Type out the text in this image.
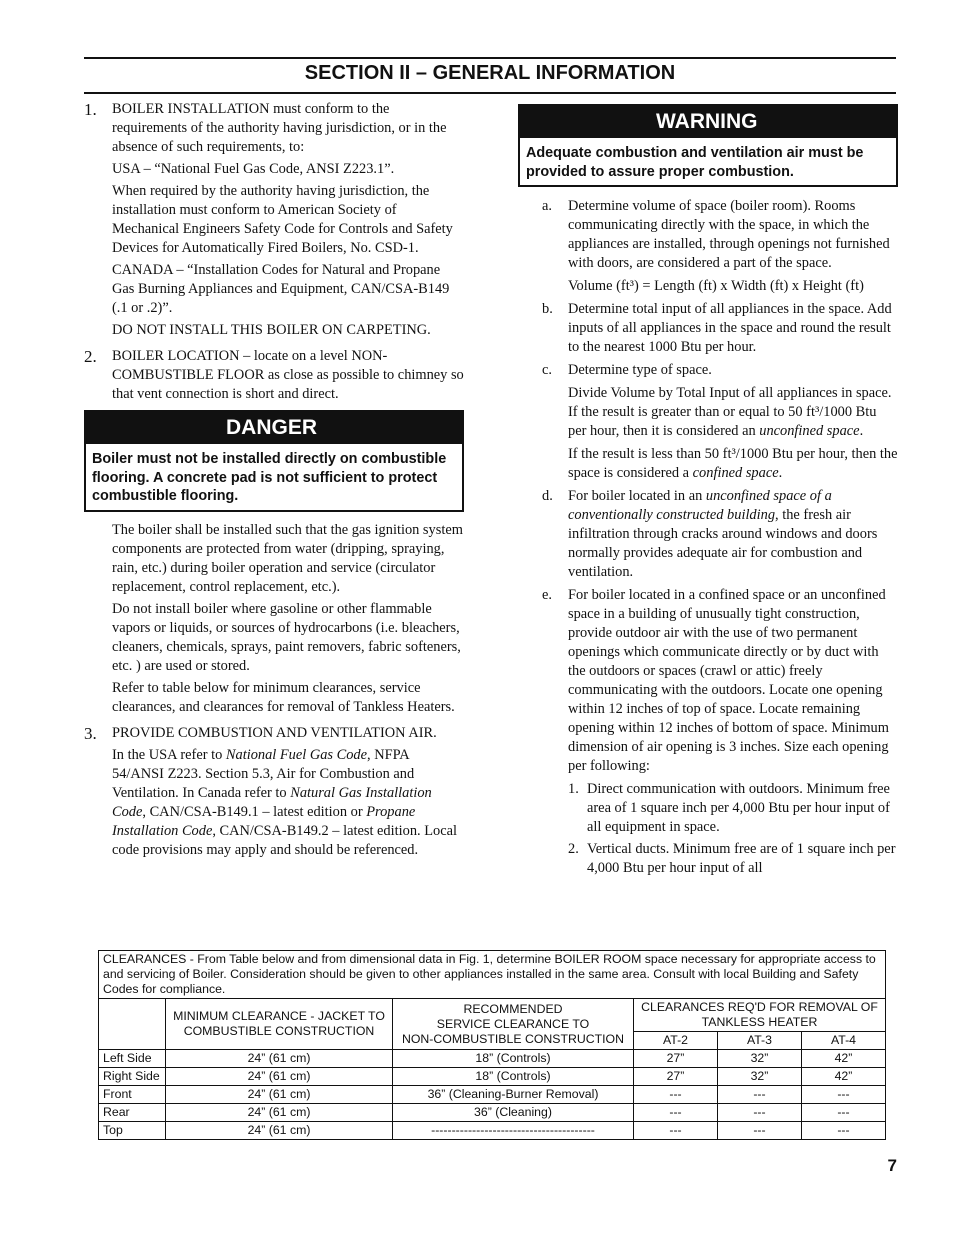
SECTION II – GENERAL INFORMATION
1. BOILER INSTALLATION must conform to the requirements of the authority having jurisdiction, or in the absence of such requirements, to:

USA – “National Fuel Gas Code, ANSI Z223.1”.

When required by the authority having jurisdiction, the installation must conform to American Society of Mechanical Engineers Safety Code for Controls and Safety Devices for Automatically Fired Boilers, No. CSD-1.

CANADA – “Installation Codes for Natural and Propane Gas Burning Appliances and Equipment, CAN/CSA-B149 (.1 or .2)”.

DO NOT INSTALL THIS BOILER ON CARPETING.

2. BOILER LOCATION – locate on a level NON-COMBUSTIBLE FLOOR as close as possible to chimney so that vent connection is short and direct.

DANGER
Boiler must not be installed directly on combustible flooring. A concrete pad is not sufficient to protect combustible flooring.

The boiler shall be installed such that the gas ignition system components are protected from water (dripping, spraying, rain, etc.) during boiler operation and service (circulator replacement, control replacement, etc.).

Do not install boiler where gasoline or other flammable vapors or liquids, or sources of hydrocarbons (i.e. bleachers, cleaners, chemicals, sprays, paint removers, fabric softeners, etc. ) are used or stored.

Refer to table below for minimum clearances, service clearances, and clearances for removal of Tankless Heaters.

3. PROVIDE COMBUSTION AND VENTILATION AIR.

In the USA refer to National Fuel Gas Code, NFPA 54/ANSI Z223. Section 5.3, Air for Combustion and Ventilation. In Canada refer to Natural Gas Installation Code, CAN/CSA-B149.1 – latest edition or Propane Installation Code, CAN/CSA-B149.2 – latest edition. Local code provisions may apply and should be referenced.

WARNING
Adequate combustion and ventilation air must be provided to assure proper combustion.
a. Determine volume of space (boiler room). Rooms communicating directly with the space, in which the appliances are installed, through openings not furnished with doors, are considered a part of the space.

Volume (ft³) = Length (ft) x Width (ft) x Height (ft)

b. Determine total input of all appliances in the space. Add inputs of all appliances in the space and round the result to the nearest 1000 Btu per hour.

c. Determine type of space.

Divide Volume by Total Input of all appliances in space. If the result is greater than or equal to 50 ft³/1000 Btu per hour, then it is considered an unconfined space.

If the result is less than 50 ft³/1000 Btu per hour, then the space is considered a confined space.

d. For boiler located in an unconfined space of a conventionally constructed building, the fresh air infiltration through cracks around windows and doors normally provides adequate air for combustion and ventilation.

e. For boiler located in a confined space or an unconfined space in a building of unusually tight construction, provide outdoor air with the use of two permanent openings which communicate directly or by duct with the outdoors or spaces (crawl or attic) freely communicating with the outdoors. Locate one opening within 12 inches of top of space. Locate remaining opening within 12 inches of bottom of space. Minimum dimension of air opening is 3 inches. Size each opening per following:

1. Direct communication with outdoors. Minimum free area of 1 square inch per 4,000 Btu per hour input of all equipment in space.
2. Vertical ducts. Minimum free are of 1 square inch per 4,000 Btu per hour input of all
CLEARANCES - From Table below and from dimensional data in Fig. 1, determine BOILER ROOM space necessary for appropriate access to and servicing of Boiler. Consideration should be given to other appliances installed in the same area. Consult with local Building and Safety Codes for compliance.					
	MINIMUM CLEARANCE - JACKET TO COMBUSTIBLE CONSTRUCTION	RECOMMENDED
SERVICE CLEARANCE TO
NON-COMBUSTIBLE CONSTRUCTION	CLEARANCES REQ'D FOR REMOVAL OF TANKLESS HEATER		
			AT-2	AT-3	AT-4
Left Side	24” (61 cm)	18” (Controls)	27”	32”	42”
Right Side	24” (61 cm)	18” (Controls)	27”	32”	42”
Front	24” (61 cm)	36” (Cleaning-Burner Removal)	---	---	---
Rear	24” (61 cm)	36” (Cleaning)	---	---	---
Top	24” (61 cm)	----------------------------------------	---	---	---
7
